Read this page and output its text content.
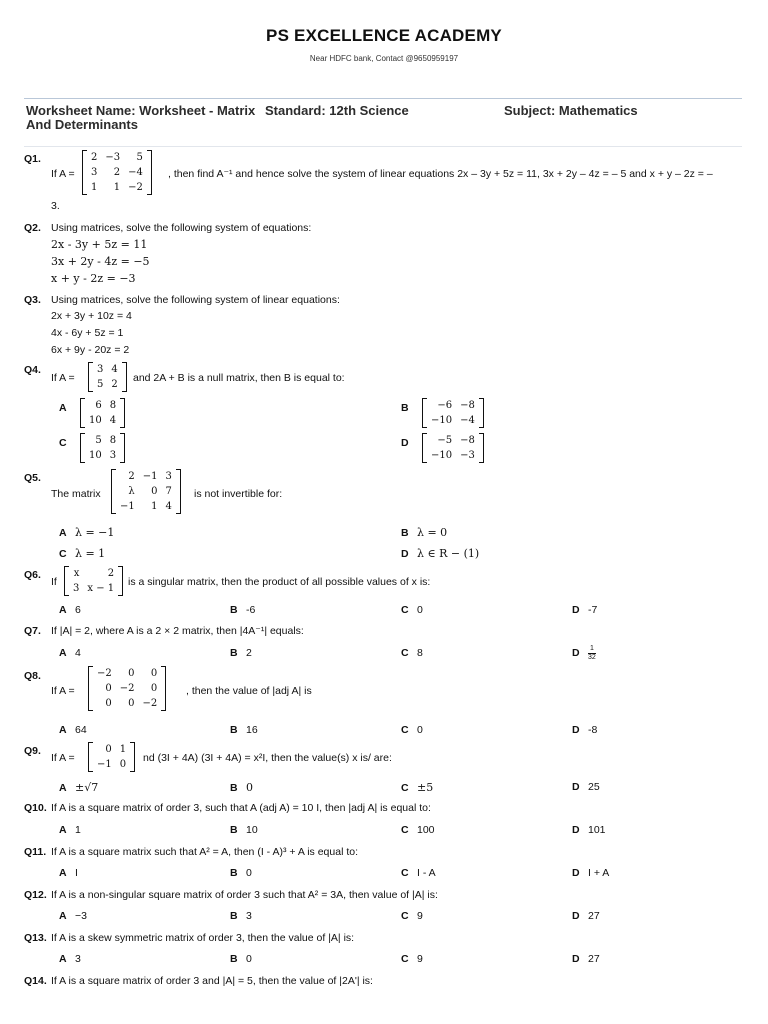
PS EXCELLENCE ACADEMY
Near HDFC bank, Contact @9650959197
Worksheet Name: Worksheet - Matrix And Determinants
Standard: 12th Science	Subject: Mathematics
Q1.
If A =
2	−3	5
3	2	−4
1	1	−2
, then find A⁻¹ and hence solve the system of linear equations 2x – 3y + 5z = 11, 3x + 2y – 4z = – 5 and x + y – 2z = –
3.
Q2. Using matrices, solve the following system of equations:
2x - 3y + 5z = 11
3x + 2y - 4z = −5
x + y - 2z = −3
Q3. Using matrices, solve the following system of linear equations:
2x + 3y + 10z = 4
4x - 6y + 5z = 1
6x + 9y - 20z = 2
Q4.
If A =
3	4
5	2
and 2A + B is a null matrix, then B is equal to:
A	6	8
10	4
B	−6	−8
−10	−4
C	5	8
10	3
D	−5	−8
−10	−3
Q5.
The matrix
2	−1	3
λ	0	7
−1	1	4
is not invertible for:
A λ = −1	B λ = 0
C λ = 1	D λ ∈ R − (1)
Q6.
If
x	2
3	x − 1
is a singular matrix, then the product of all possible values of x is:
A 6	B -6	C 0	D -7
Q7. If |A| = 2, where A is a 2 × 2 matrix, then |4A⁻¹| equals:
A 4	B 2	C 8	D $\frac{1}{32}$
Q8.
If A =
−2	0	0
0	−2	0
0	0	−2
, then the value of |adj A| is
A 64	B 16	C 0	D -8
Q9.
If A =
0	1
−1	0
nd (3I + 4A) (3I + 4A) = x²I, then the value(s) x is/ are:
A ±√7	B 0	C ±5	D 25
Q10. If A is a square matrix of order 3, such that A (adj A) = 10 I, then |adj A| is equal to:
A 1	B 10	C 100	D 101
Q11. If A is a square matrix such that A² = A, then (I - A)³ + A is equal to:
A I	B 0	C I - A	D I + A
Q12. If A is a non-singular square matrix of order 3 such that A² = 3A, then value of |A| is:
A −3	B 3	C 9	D 27
Q13. If A is a skew symmetric matrix of order 3, then the value of |A| is:
A 3	B 0	C 9	D 27
Q14. If A is a square matrix of order 3 and |A| = 5, then the value of |2A'| is:
